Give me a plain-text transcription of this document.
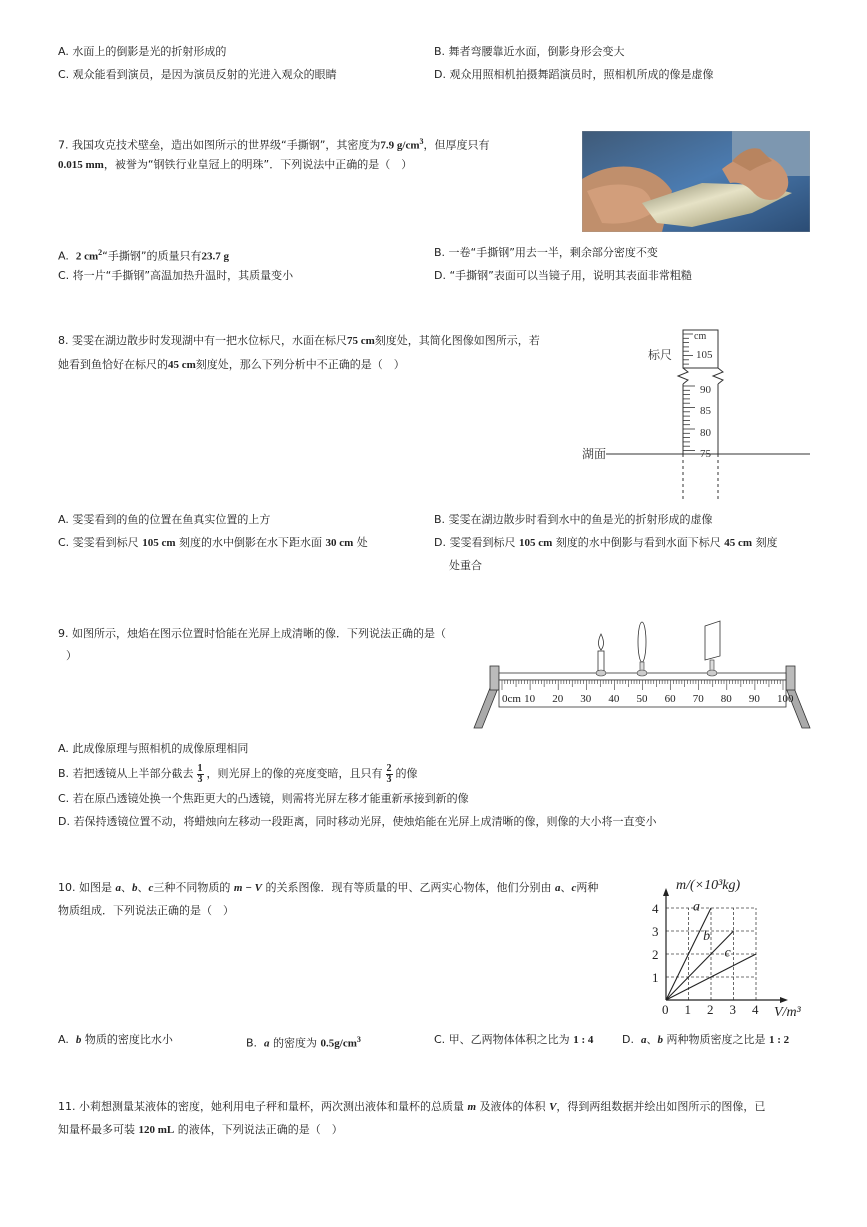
A. 水面上的倒影是光的折射形成的	B. 舞者弯腰靠近水面，倒影身形会变大
C. 观众能看到演员，是因为演员反射的光进入观众的眼睛	D. 观众用照相机拍摄舞蹈演员时，照相机所成的像是虚像
7. 我国攻克技术壁垒，造出如图所示的世界级“手撕钢”，其密度为7.9 $g/cm^3$，但厚度只有
0.015 mm，被誉为“钢铁行业皇冠上的明珠”．下列说法中正确的是（　）
A. 2 $cm^2“$手撕钢”的质量只有23.7 g	B. 一卷“手撕钢”用去一半，剩余部分密度不变
C. 将一片“手撕钢”高温加热升温时，其质量变小	D. “手撕钢”表面可以当镜子用，说明其表面非常粗糙
8. 雯雯在湖边散步时发现湖中有一把水位标尺，水面在标尺75 cm刻度处，其简化图像如图所示，若
她看到鱼恰好在标尺的45 cm刻度处，那么下列分析中不正确的是（　）
cm
105
90
85
80
75
标尺
湖面
A. 雯雯看到的鱼的位置在鱼真实位置的上方	B. 雯雯在湖边散步时看到水中的鱼是光的折射形成的虚像
C. 雯雯看到标尺 105 cm 刻度的水中倒影在水下距水面 30 cm 处	D. 雯雯看到标尺 105 cm 刻度的水中倒影与看到水面下标尺 45 cm 刻度
处重合
9. 如图所示，烛焰在图示位置时恰能在光屏上成清晰的像．下列说法正确的是（
）
0cm 10 20 30 40 50 60 70 80 90 100
A. 此成像原理与照相机的成像原理相同
B. 若把透镜从上半部分截去 $\frac{1}{3}$ ，则光屏上的像的亮度变暗，且只有 $\frac{2}{3}$ 的像
C. 若在原凸透镜处换一个焦距更大的凸透镜，则需将光屏左移才能重新承接到新的像
D. 若保持透镜位置不动，将蜡烛向左移动一段距离，同时移动光屏，使烛焰能在光屏上成清晰的像，则像的大小将一直变小
10. 如图是 a、b、c三种不同物质的 m − V 的关系图像．现有等质量的甲、乙两实心物体，他们分别由 a、c两种
物质组成．下列说法正确的是（　）
m/(×10³kg)
V/m³
0 1 2 3 4
1
2
3
4 a
b
c
A. b 物质的密度比水小	B. a 的密度为 $0.5g/cm^3$	C. 甲、乙两物体体积之比为 1 : 4	D. a、b 两种物质密度之比是 1 : 2
11. 小莉想测量某液体的密度，她利用电子秤和量杯，两次测出液体和量杯的总质量 m 及液体的体积 V，得到两组数据并绘出如图所示的图像，已
知量杯最多可装 120 mL 的液体，下列说法正确的是（　）
